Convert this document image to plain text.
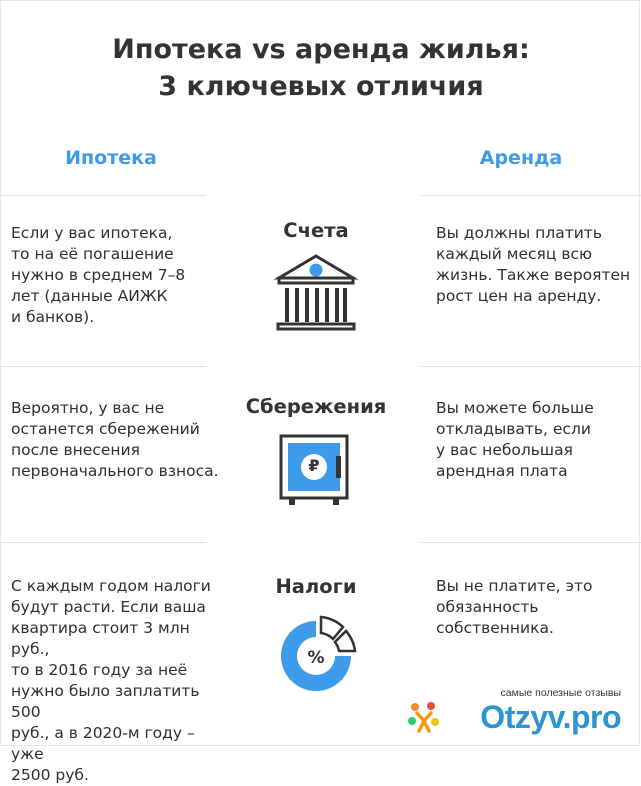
Ипотека vs аренда жилья:
3 ключевых отличия
Ипотека	Аренда
Если у вас ипотека,
то на её погашение
нужно в среднем 7–8
лет (данные АИЖК
и банков).
Счета	Вы должны платить
каждый месяц всю
жизнь. Также вероятен
рост цен на аренду.
Вероятно, у вас не
останется сбережений
после внесения
первоначального взноса.
Сбережения
₽
Вы можете больше
откладывать, если
у вас небольшая
арендная плата
С каждым годом налоги
будут расти. Если ваша
квартира стоит 3 млн руб.,
то в 2016 году за неё
нужно было заплатить 500
руб., а в 2020-м году – уже
2500 руб.
Налоги
%
Вы не платите, это
обязанность
собственника.
самые полезные отзывы
Otzyv.pro
